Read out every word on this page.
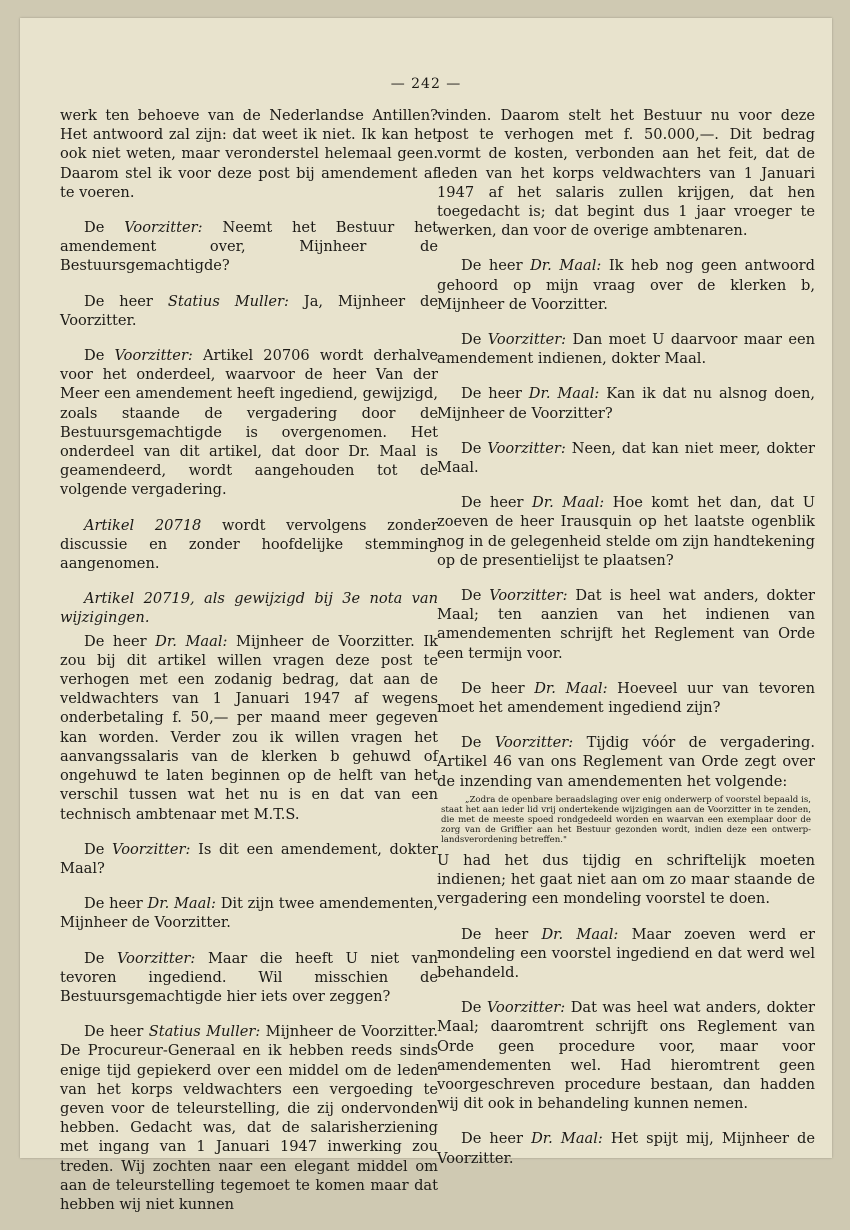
— 242 —

werk ten behoeve van de Nederlandse Antillen? Het antwoord zal zijn: dat weet ik niet. Ik kan het ook niet weten, maar veronderstel helemaal geen. Daarom stel ik voor deze post bij amendement af te voeren.

De Voorzitter: Neemt het Bestuur het amendement over, Mijnheer de Bestuursgemachtigde?

De heer Statius Muller: Ja, Mijnheer de Voorzitter.

De Voorzitter: Artikel 20706 wordt derhalve voor het onderdeel, waarvoor de heer Van der Meer een amendement heeft ingediend, gewijzigd, zoals staande de vergadering door de Bestuursgemachtigde is overgenomen. Het onderdeel van dit artikel, dat door Dr. Maal is geamendeerd, wordt aangehouden tot de volgende vergadering.

Artikel 20718 wordt vervolgens zonder discussie en zonder hoofdelijke stemming aangenomen.

Artikel 20719, als gewijzigd bij 3e nota van wijzigingen.

De heer Dr. Maal: Mijnheer de Voorzitter. Ik zou bij dit artikel willen vragen deze post te verhogen met een zodanig bedrag, dat aan de veldwachters van 1 Januari 1947 af wegens onderbetaling f. 50,— per maand meer gegeven kan worden. Verder zou ik willen vragen het aanvangssalaris van de klerken b gehuwd of ongehuwd te laten beginnen op de helft van het verschil tussen wat het nu is en dat van een technisch ambtenaar met M.T.S.

De Voorzitter: Is dit een amendement, dokter Maal?

De heer Dr. Maal: Dit zijn twee amendementen, Mijnheer de Voorzitter.

De Voorzitter: Maar die heeft U niet van tevoren ingediend. Wil misschien de Bestuursgemachtigde hier iets over zeggen?

De heer Statius Muller: Mijnheer de Voorzitter. De Procureur-Generaal en ik hebben reeds sinds enige tijd gepiekerd over een middel om de leden van het korps veldwachters een vergoeding te geven voor de teleurstelling, die zij ondervonden hebben. Gedacht was, dat de salarisherziening met ingang van 1 Januari 1947 inwerking zou treden. Wij zochten naar een elegant middel om aan de teleurstelling tegemoet te komen maar dat hebben wij niet kunnen

vinden. Daarom stelt het Bestuur nu voor deze post te verhogen met f. 50.000,—. Dit bedrag vormt de kosten, verbonden aan het feit, dat de leden van het korps veldwachters van 1 Januari 1947 af het salaris zullen krijgen, dat hen toegedacht is; dat begint dus 1 jaar vroeger te werken, dan voor de overige ambtenaren.

De heer Dr. Maal: Ik heb nog geen antwoord gehoord op mijn vraag over de klerken b, Mijnheer de Voorzitter.

De Voorzitter: Dan moet U daarvoor maar een amendement indienen, dokter Maal.

De heer Dr. Maal: Kan ik dat nu alsnog doen, Mijnheer de Voorzitter?

De Voorzitter: Neen, dat kan niet meer, dokter Maal.

De heer Dr. Maal: Hoe komt het dan, dat U zoeven de heer Irausquin op het laatste ogenblik nog in de gelegenheid stelde om zijn handtekening op de presentielijst te plaatsen?

De Voorzitter: Dat is heel wat anders, dokter Maal; ten aanzien van het indienen van amendementen schrijft het Reglement van Orde een termijn voor.

De heer Dr. Maal: Hoeveel uur van tevoren moet het amendement ingediend zijn?

De Voorzitter: Tijdig vóór de vergadering. Artikel 46 van ons Reglement van Orde zegt over de inzending van amendementen het volgende:

„Zodra de openbare beraadslaging over enig onderwerp of voorstel bepaald is, staat het aan ieder lid vrij ondertekende wijzigingen aan de Voorzitter in te zenden, die met de meeste spoed rondgedeeld worden en waarvan een exemplaar door de zorg van de Griffier aan het Bestuur gezonden wordt, indien deze een ontwerp-landsverordening betreffen."

U had het dus tijdig en schriftelijk moeten indienen; het gaat niet aan om zo maar staande de vergadering een mondeling voorstel te doen.

De heer Dr. Maal: Maar zoeven werd er mondeling een voorstel ingediend en dat werd wel behandeld.

De Voorzitter: Dat was heel wat anders, dokter Maal; daaromtrent schrijft ons Reglement van Orde geen procedure voor, maar voor amendementen wel. Had hieromtrent geen voorgeschreven procedure bestaan, dan hadden wij dit ook in behandeling kunnen nemen.

De heer Dr. Maal: Het spijt mij, Mijnheer de Voorzitter.
